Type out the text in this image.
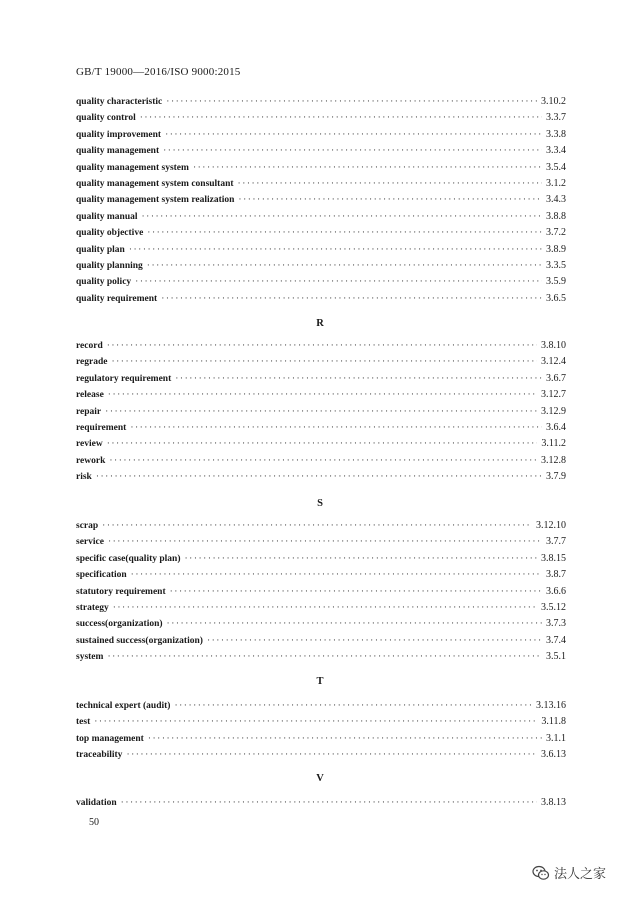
GB/T 19000—2016/ISO 9000:2015
quality characteristic ·····	3.10.2
quality control ·····	3.3.7
quality improvement ·····	3.3.8
quality management ·····	3.3.4
quality management system ·····	3.5.4
quality management system consultant ·····	3.1.2
quality management system realization ·····	3.4.3
quality manual ·····	3.8.8
quality objective ·····	3.7.2
quality plan ·····	3.8.9
quality planning ·····	3.3.5
quality policy ·····	3.5.9
quality requirement ·····	3.6.5
R
record ·····	3.8.10
regrade ·····	3.12.4
regulatory requirement ·····	3.6.7
release ·····	3.12.7
repair ·····	3.12.9
requirement ·····	3.6.4
review ·····	3.11.2
rework ·····	3.12.8
risk ·····	3.7.9
S
scrap ·····	3.12.10
service ·····	3.7.7
specific case(quality plan) ·····	3.8.15
specification ·····	3.8.7
statutory requirement ·····	3.6.6
strategy ·····	3.5.12
success(organization) ·····	3.7.3
sustained success(organization) ·····	3.7.4
system ·····	3.5.1
T
technical expert (audit) ·····	3.13.16
test ·····	3.11.8
top management ·····	3.1.1
traceability ·····	3.6.13
V
validation ·····	3.8.13
50
法人之家
